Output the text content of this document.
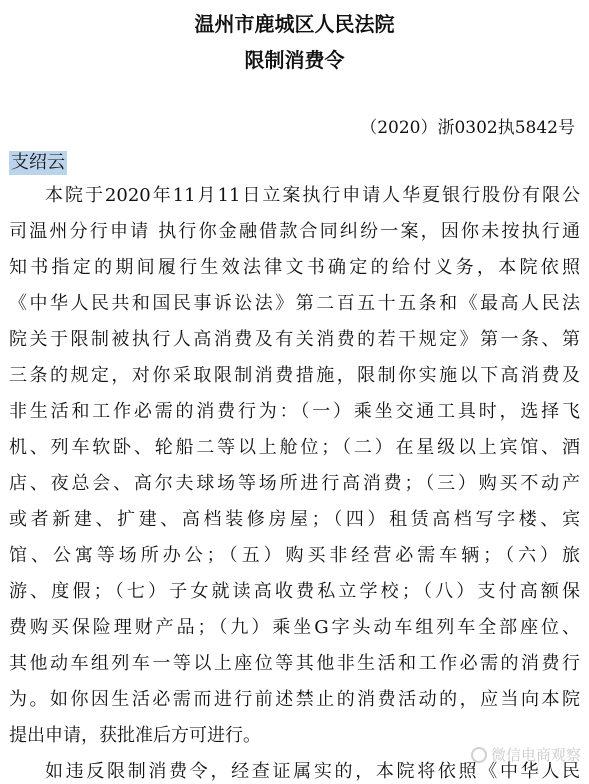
温州市鹿城区人民法院
限制消费令
（2020）浙0302执5842号
支绍云
本院于2020年11月11日立案执行申请人华夏银行股份有限公
司温州分行申请 执行你金融借款合同纠纷一案，因你未按执行通
知书指定的期间履行生效法律文书确定的给付义务，本院依照
《中华人民共和国民事诉讼法》第二百五十五条和《最高人民法
院关于限制被执行人高消费及有关消费的若干规定》第一条、第
三条的规定，对你采取限制消费措施，限制你实施以下高消费及
非生活和工作必需的消费行为：（一）乘坐交通工具时，选择飞
机、列车软卧、轮船二等以上舱位；（二）在星级以上宾馆、酒
店、夜总会、高尔夫球场等场所进行高消费；（三）购买不动产
或者新建、扩建、高档装修房屋；（四）租赁高档写字楼、宾
馆、公寓等场所办公；（五）购买非经营必需车辆；（六）旅
游、度假；（七）子女就读高收费私立学校；（八）支付高额保
费购买保险理财产品；（九）乘坐G字头动车组列车全部座位、
其他动车组列车一等以上座位等其他非生活和工作必需的消费行
为。如你因生活必需而进行前述禁止的消费活动的，应当向本院
提出申请，获批准后方可进行。
如违反限制消费令，经查证属实的，本院将依照《中华人民
微信电商观察
